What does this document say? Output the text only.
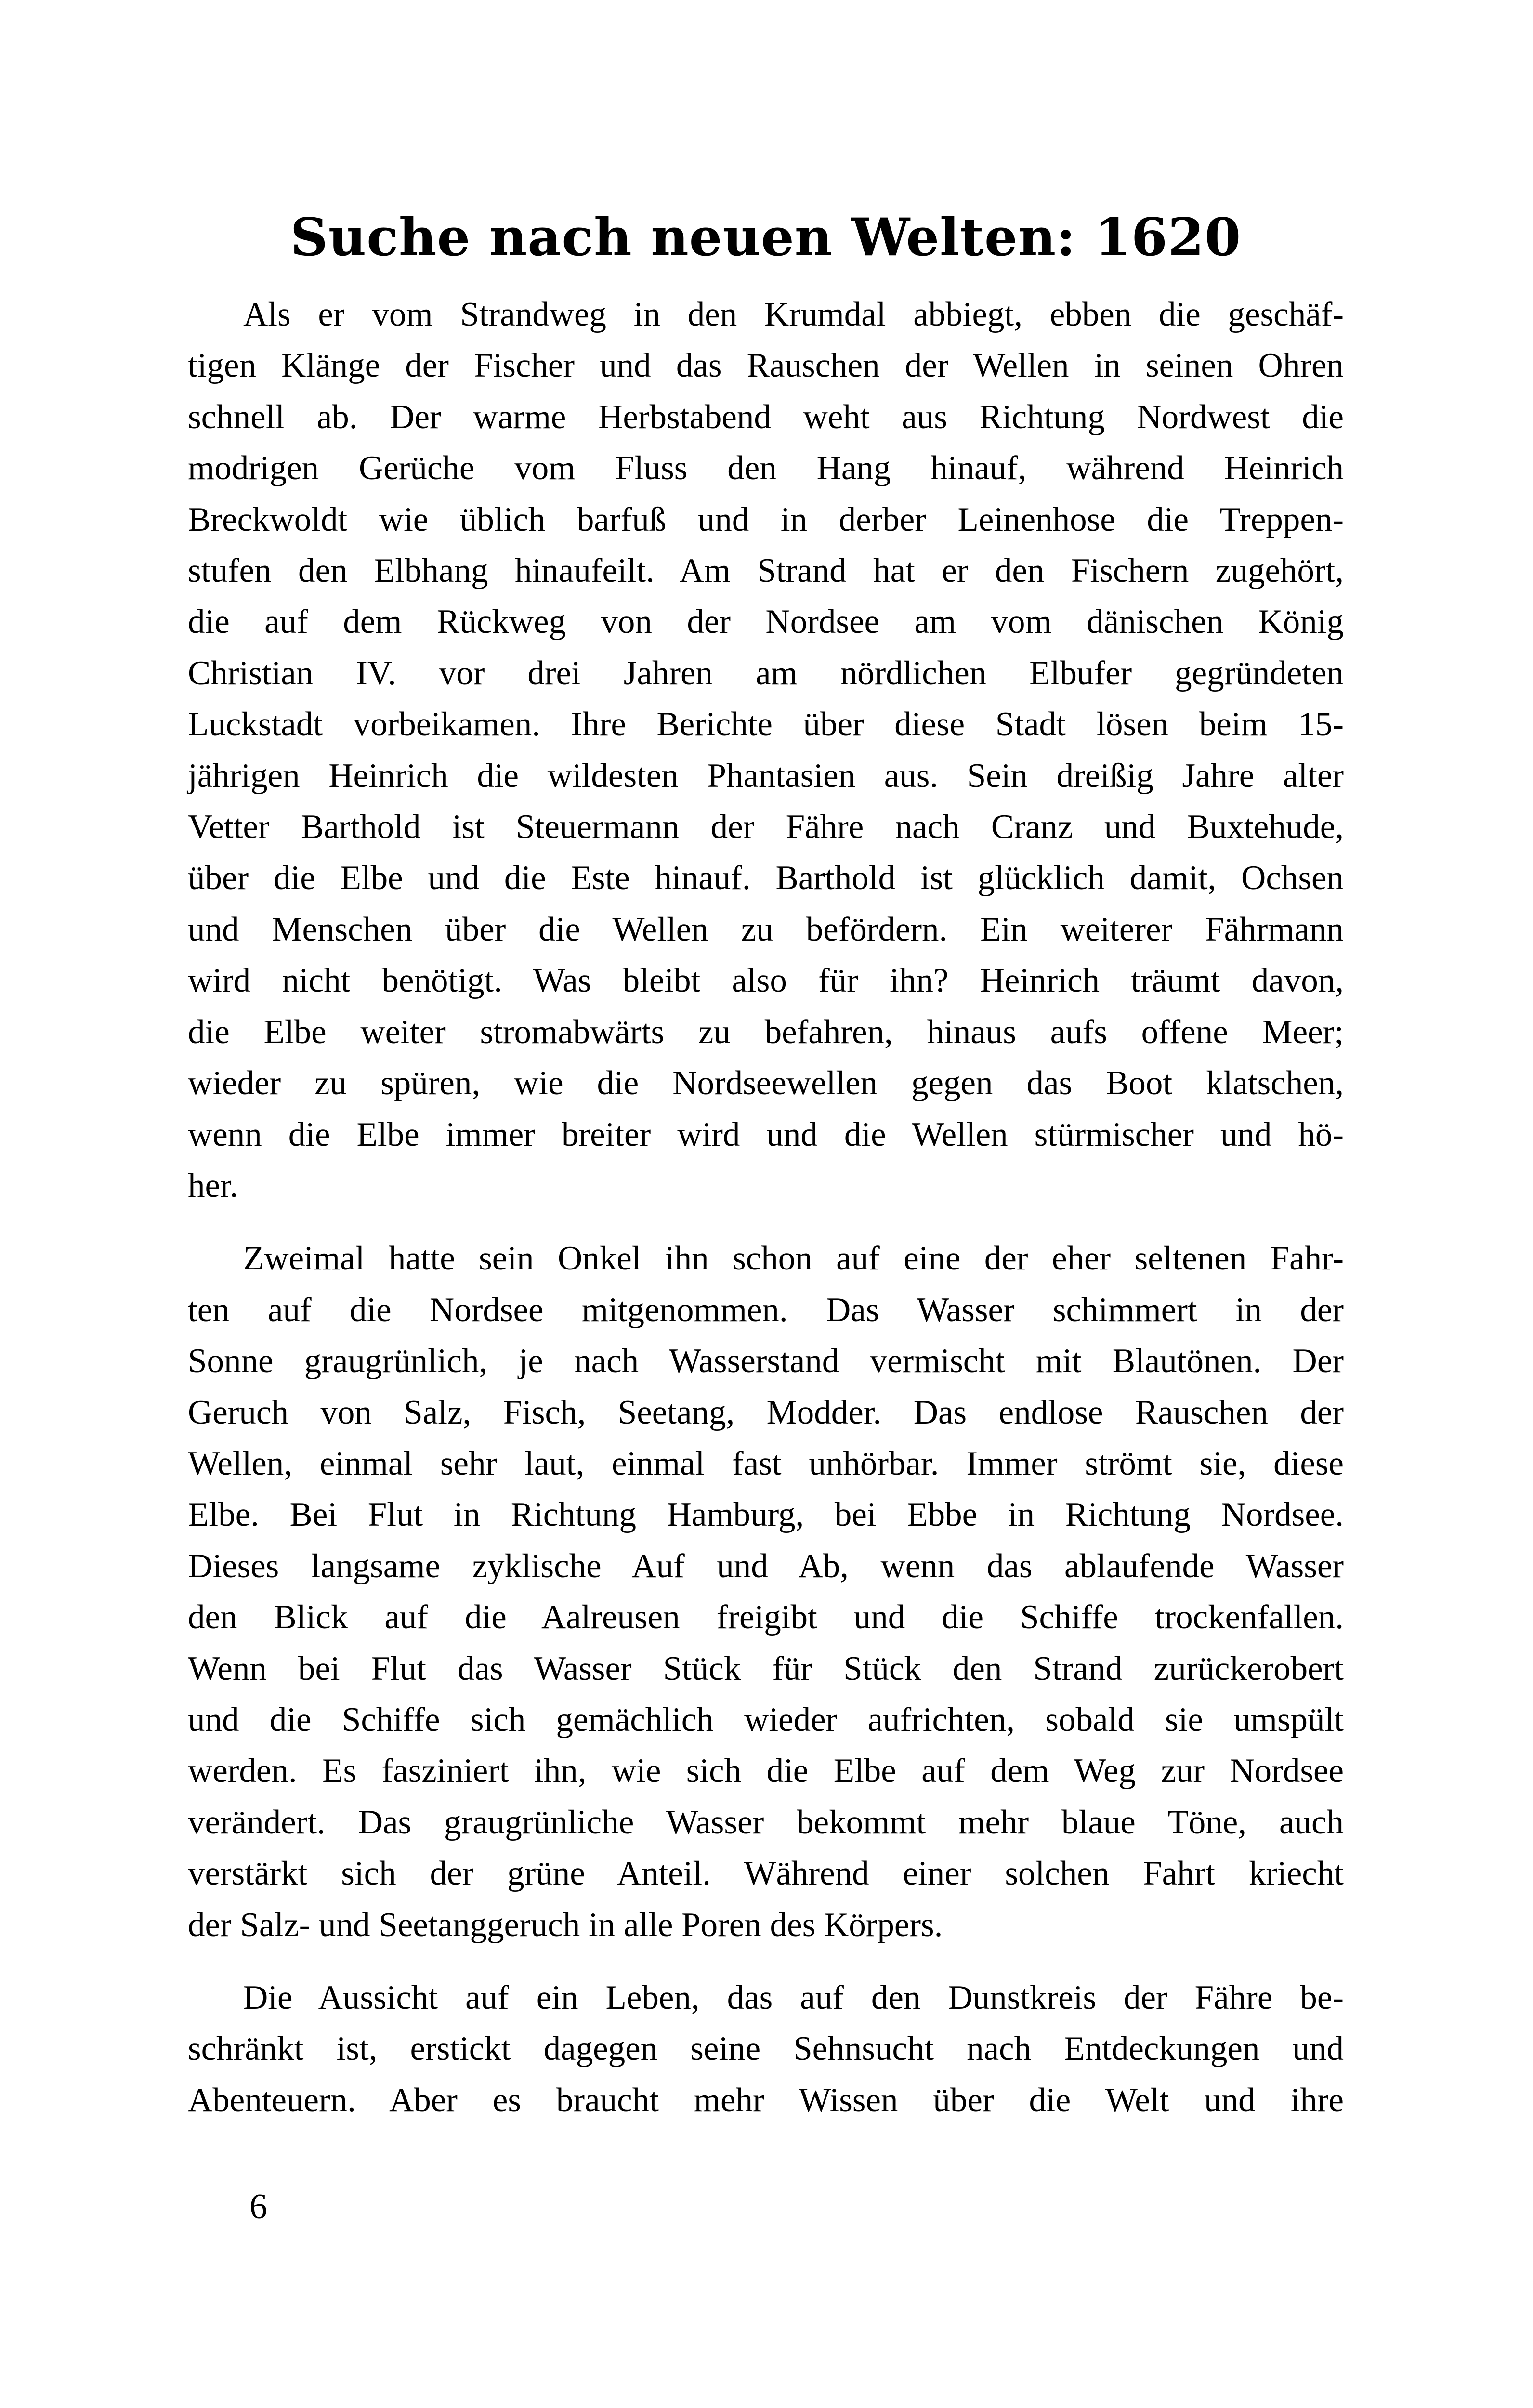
Suche nach neuen Welten: 1620
Als er vom Strandweg in den Krumdal abbiegt, ebben die geschäf-
tigen Klänge der Fischer und das Rauschen der Wellen in seinen Ohren
schnell ab. Der warme Herbstabend weht aus Richtung Nordwest die
modrigen Gerüche vom Fluss den Hang hinauf, während Heinrich
Breckwoldt wie üblich barfuß und in derber Leinenhose die Treppen-
stufen den Elbhang hinaufeilt. Am Strand hat er den Fischern zugehört,
die auf dem Rückweg von der Nordsee am vom dänischen König
Christian IV. vor drei Jahren am nördlichen Elbufer gegründeten
Luckstadt vorbeikamen. Ihre Berichte über diese Stadt lösen beim 15-
jährigen Heinrich die wildesten Phantasien aus. Sein dreißig Jahre alter
Vetter Barthold ist Steuermann der Fähre nach Cranz und Buxtehude,
über die Elbe und die Este hinauf. Barthold ist glücklich damit, Ochsen
und Menschen über die Wellen zu befördern. Ein weiterer Fährmann
wird nicht benötigt. Was bleibt also für ihn? Heinrich träumt davon,
die Elbe weiter stromabwärts zu befahren, hinaus aufs offene Meer;
wieder zu spüren, wie die Nordseewellen gegen das Boot klatschen,
wenn die Elbe immer breiter wird und die Wellen stürmischer und hö-
her.
Zweimal hatte sein Onkel ihn schon auf eine der eher seltenen Fahr-
ten auf die Nordsee mitgenommen. Das Wasser schimmert in der
Sonne graugrünlich, je nach Wasserstand vermischt mit Blautönen. Der
Geruch von Salz, Fisch, Seetang, Modder. Das endlose Rauschen der
Wellen, einmal sehr laut, einmal fast unhörbar. Immer strömt sie, diese
Elbe. Bei Flut in Richtung Hamburg, bei Ebbe in Richtung Nordsee.
Dieses langsame zyklische Auf und Ab, wenn das ablaufende Wasser
den Blick auf die Aalreusen freigibt und die Schiffe trockenfallen.
Wenn bei Flut das Wasser Stück für Stück den Strand zurückerobert
und die Schiffe sich gemächlich wieder aufrichten, sobald sie umspült
werden. Es fasziniert ihn, wie sich die Elbe auf dem Weg zur Nordsee
verändert. Das graugrünliche Wasser bekommt mehr blaue Töne, auch
verstärkt sich der grüne Anteil. Während einer solchen Fahrt kriecht
der Salz- und Seetanggeruch in alle Poren des Körpers.
Die Aussicht auf ein Leben, das auf den Dunstkreis der Fähre be-
schränkt ist, erstickt dagegen seine Sehnsucht nach Entdeckungen und
Abenteuern. Aber es braucht mehr Wissen über die Welt und ihre
6
